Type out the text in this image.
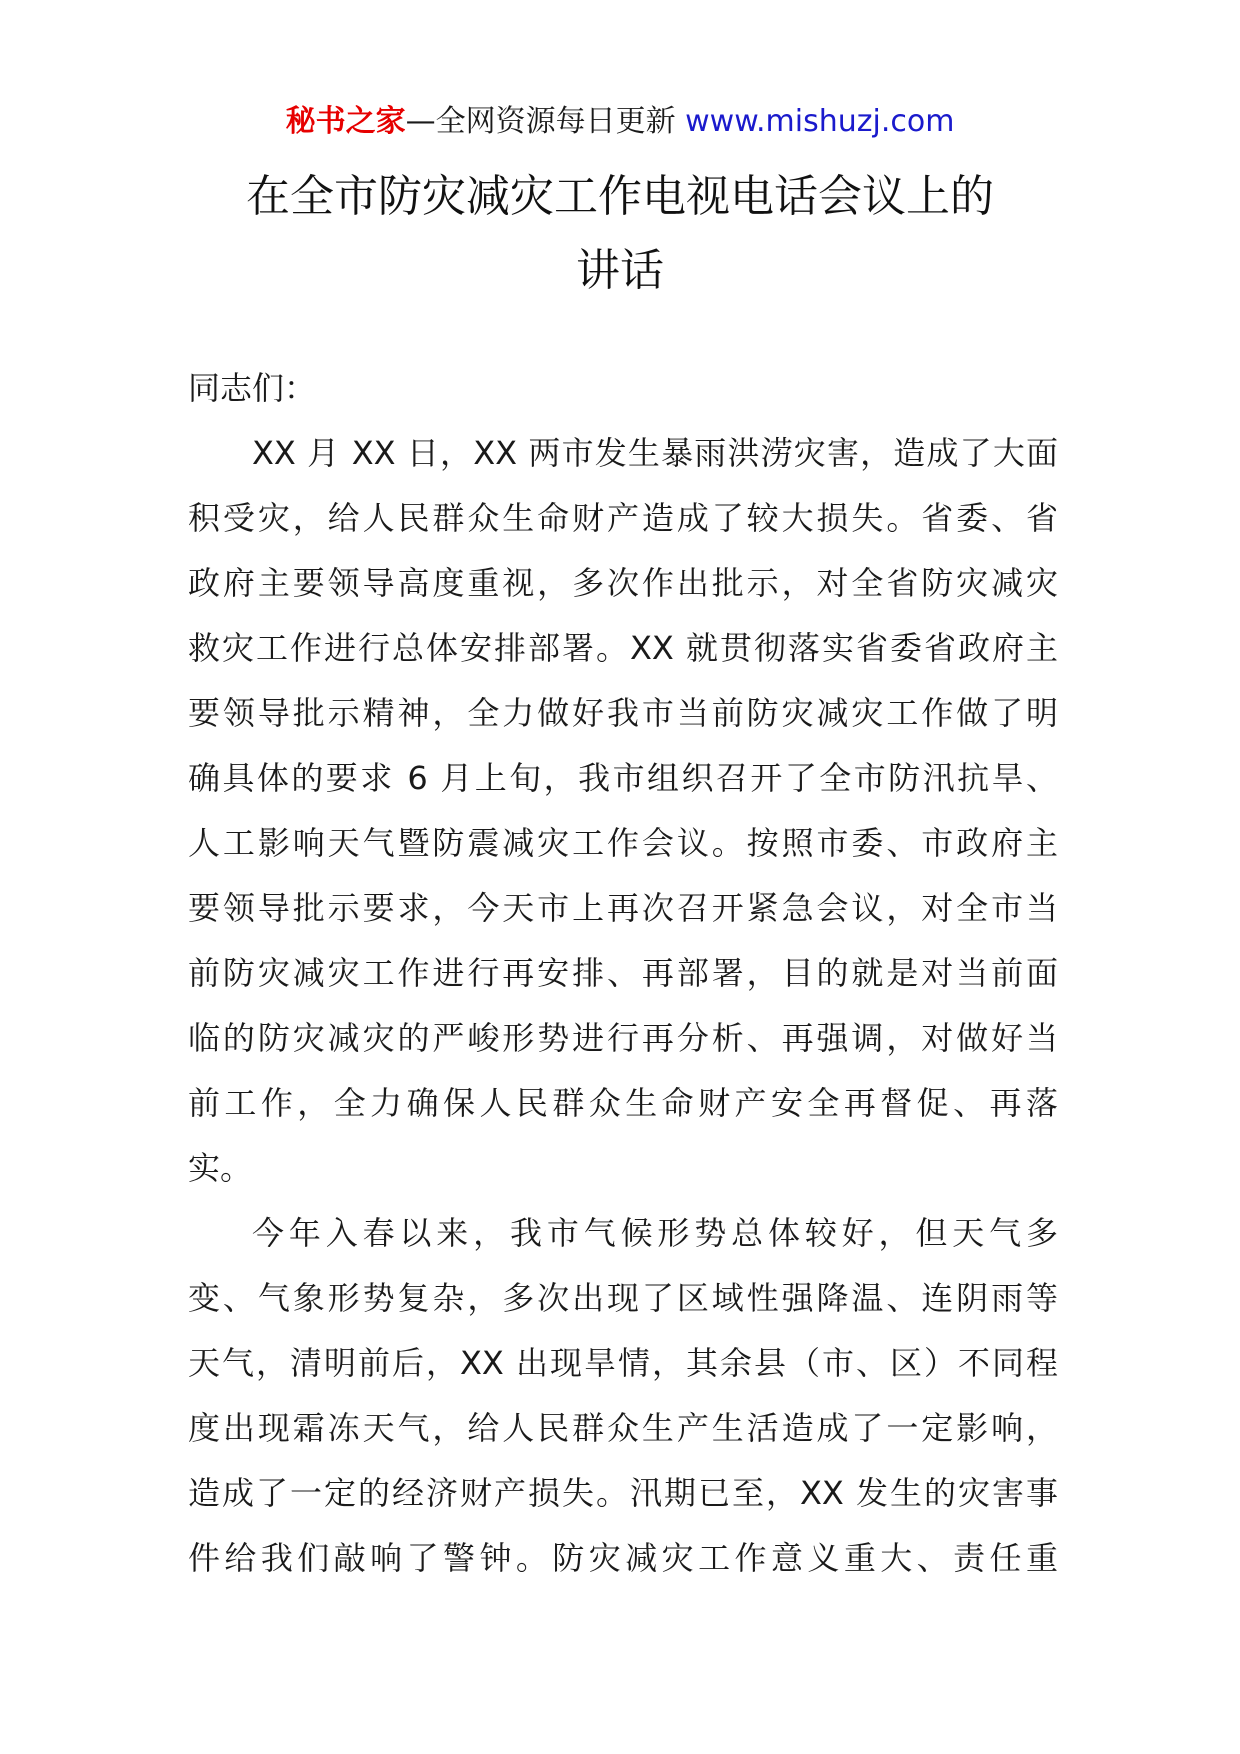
秘书之家—全网资源每日更新 www.mishuzj.com
在全市防灾减灾工作电视电话会议上的
讲话
同志们：
XX 月 XX 日，XX 两市发生暴雨洪涝灾害，造成了大面
积受灾，给人民群众生命财产造成了较大损失。省委、省
政府主要领导高度重视，多次作出批示，对全省防灾减灾
救灾工作进行总体安排部署。XX 就贯彻落实省委省政府主
要领导批示精神，全力做好我市当前防灾减灾工作做了明
确具体的要求 6 月上旬，我市组织召开了全市防汛抗旱、
人工影响天气暨防震减灾工作会议。按照市委、市政府主
要领导批示要求，今天市上再次召开紧急会议，对全市当
前防灾减灾工作进行再安排、再部署，目的就是对当前面
临的防灾减灾的严峻形势进行再分析、再强调，对做好当
前工作，全力确保人民群众生命财产安全再督促、再落
实。
今年入春以来，我市气候形势总体较好，但天气多
变、气象形势复杂，多次出现了区域性强降温、连阴雨等
天气，清明前后，XX 出现旱情，其余县（市、区）不同程
度出现霜冻天气，给人民群众生产生活造成了一定影响，
造成了一定的经济财产损失。汛期已至，XX 发生的灾害事
件给我们敲响了警钟。防灾减灾工作意义重大、责任重
